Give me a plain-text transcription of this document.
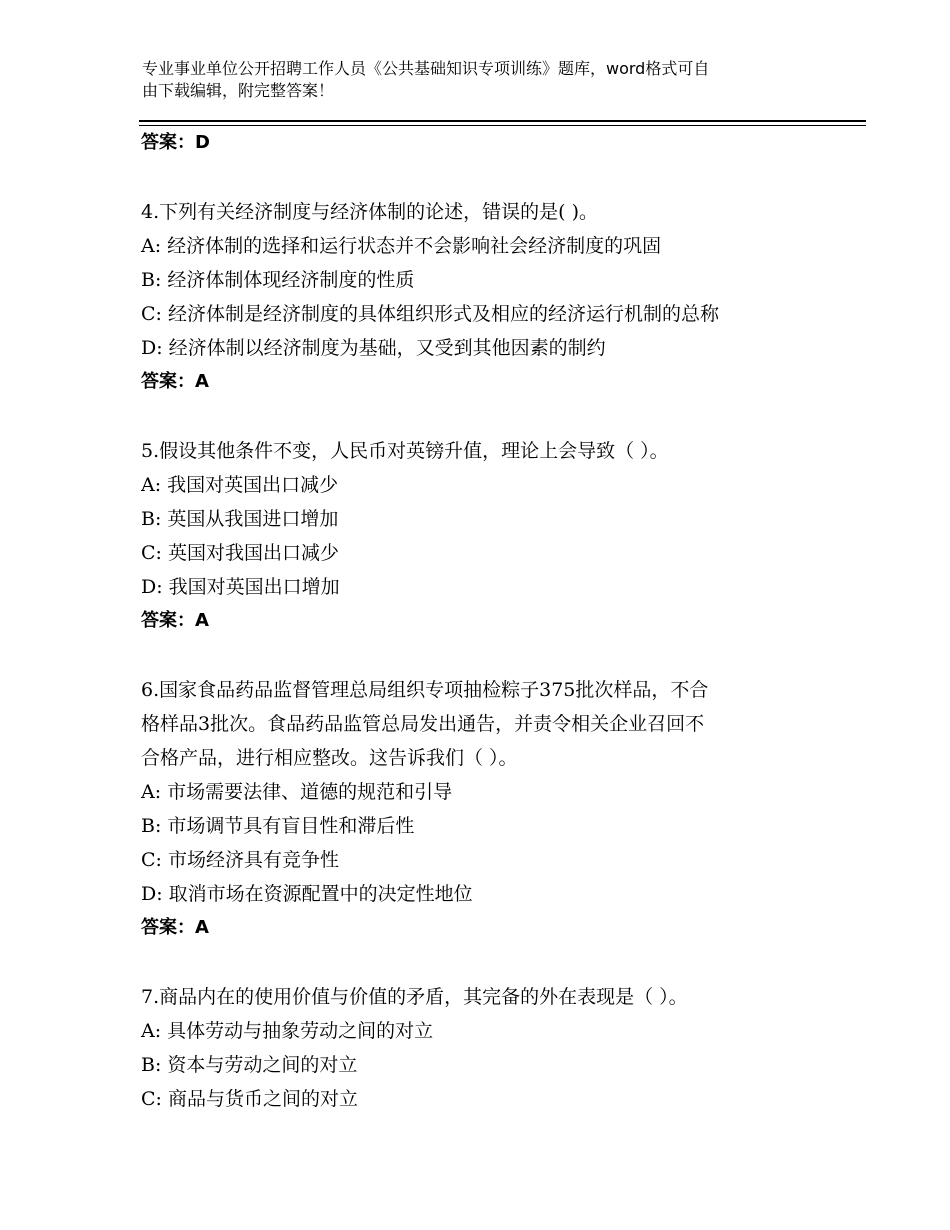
专业事业单位公开招聘工作人员《公共基础知识专项训练》题库，word格式可自
由下载编辑，附完整答案！
答案：D
4.下列有关经济制度与经济体制的论述，错误的是( )。
A: 经济体制的选择和运行状态并不会影响社会经济制度的巩固
B: 经济体制体现经济制度的性质
C: 经济体制是经济制度的具体组织形式及相应的经济运行机制的总称
D: 经济体制以经济制度为基础，又受到其他因素的制约
答案：A
5.假设其他条件不变，人民币对英镑升值，理论上会导致（ ）。
A: 我国对英国出口减少
B: 英国从我国进口增加
C: 英国对我国出口减少
D: 我国对英国出口增加
答案：A
6.国家食品药品监督管理总局组织专项抽检粽子375批次样品，不合
格样品3批次。食品药品监管总局发出通告，并责令相关企业召回不
合格产品，进行相应整改。这告诉我们（ ）。
A: 市场需要法律、道德的规范和引导
B: 市场调节具有盲目性和滞后性
C: 市场经济具有竞争性
D: 取消市场在资源配置中的决定性地位
答案：A
7.商品内在的使用价值与价值的矛盾，其完备的外在表现是（ ）。
A: 具体劳动与抽象劳动之间的对立
B: 资本与劳动之间的对立
C: 商品与货币之间的对立
